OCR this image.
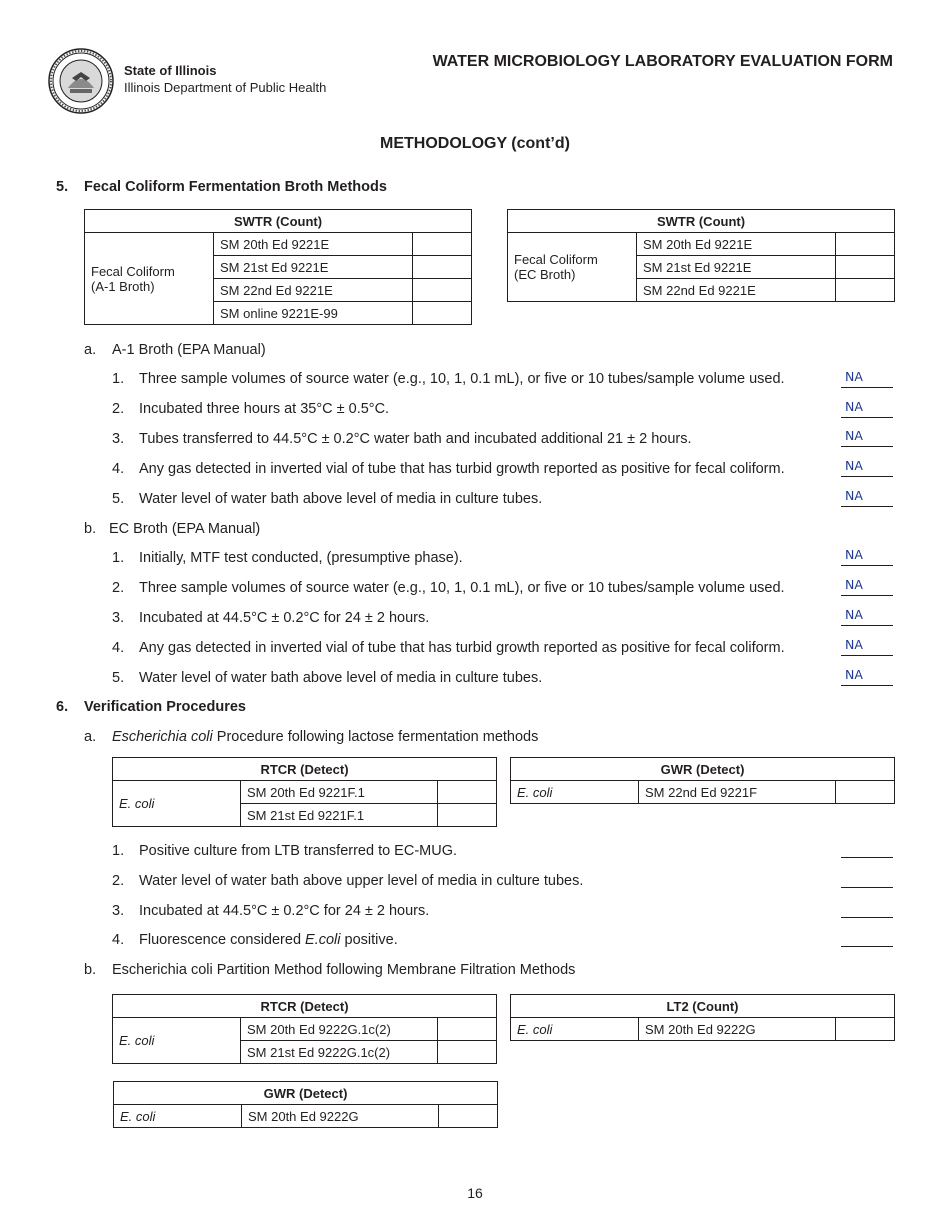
State of Illinois
Illinois Department of Public Health
WATER MICROBIOLOGY LABORATORY EVALUATION FORM
METHODOLOGY (cont’d)
5. Fecal Coliform Fermentation Broth Methods
SWTR (Count)		
Fecal Coliform
(A-1 Broth)	SM 20th Ed 9221E	
	SM 21st Ed 9221E	
	SM 22nd Ed 9221E	
	SM online 9221E-99	
SWTR (Count)		
Fecal Coliform
(EC Broth)	SM 20th Ed 9221E	
	SM 21st Ed 9221E	
	SM 22nd Ed 9221E	
a. A-1 Broth (EPA Manual)
1. Three sample volumes of source water (e.g., 10, 1, 0.1 mL), or five or 10 tubes/sample volume used.	NA
2. Incubated three hours at 35°C ± 0.5°C.	NA
3. Tubes transferred to 44.5°C ± 0.2°C water bath and incubated additional 21 ± 2 hours.	NA
4. Any gas detected in inverted vial of tube that has turbid growth reported as positive for fecal coliform.	NA
5. Water level of water bath above level of media in culture tubes.	NA
b. EC Broth (EPA Manual)
1. Initially, MTF test conducted, (presumptive phase).	NA
2. Three sample volumes of source water (e.g., 10, 1, 0.1 mL), or five or 10 tubes/sample volume used.	NA
3. Incubated at 44.5°C ± 0.2°C for 24 ± 2 hours.	NA
4. Any gas detected in inverted vial of tube that has turbid growth reported as positive for fecal coliform.	NA
5. Water level of water bath above level of media in culture tubes.	NA
6. Verification Procedures
a. Escherichia coli Procedure following lactose fermentation methods
RTCR (Detect)		
E. coli	SM 20th Ed 9221F.1	
	SM 21st Ed 9221F.1	
GWR (Detect)
E. coli	SM 22nd Ed 9221F	
1. Positive culture from LTB transferred to EC-MUG.
2. Water level of water bath above upper level of media in culture tubes.
3. Incubated at 44.5°C ± 0.2°C for 24 ± 2 hours.
4. Fluorescence considered E.coli positive.
b. Escherichia coli Partition Method following Membrane Filtration Methods
RTCR (Detect)		
E. coli	SM 20th Ed 9222G.1c(2)	
	SM 21st Ed 9222G.1c(2)	
LT2 (Count)
E. coli	SM 20th Ed 9222G	
GWR (Detect)
E. coli	SM 20th Ed 9222G	
16
